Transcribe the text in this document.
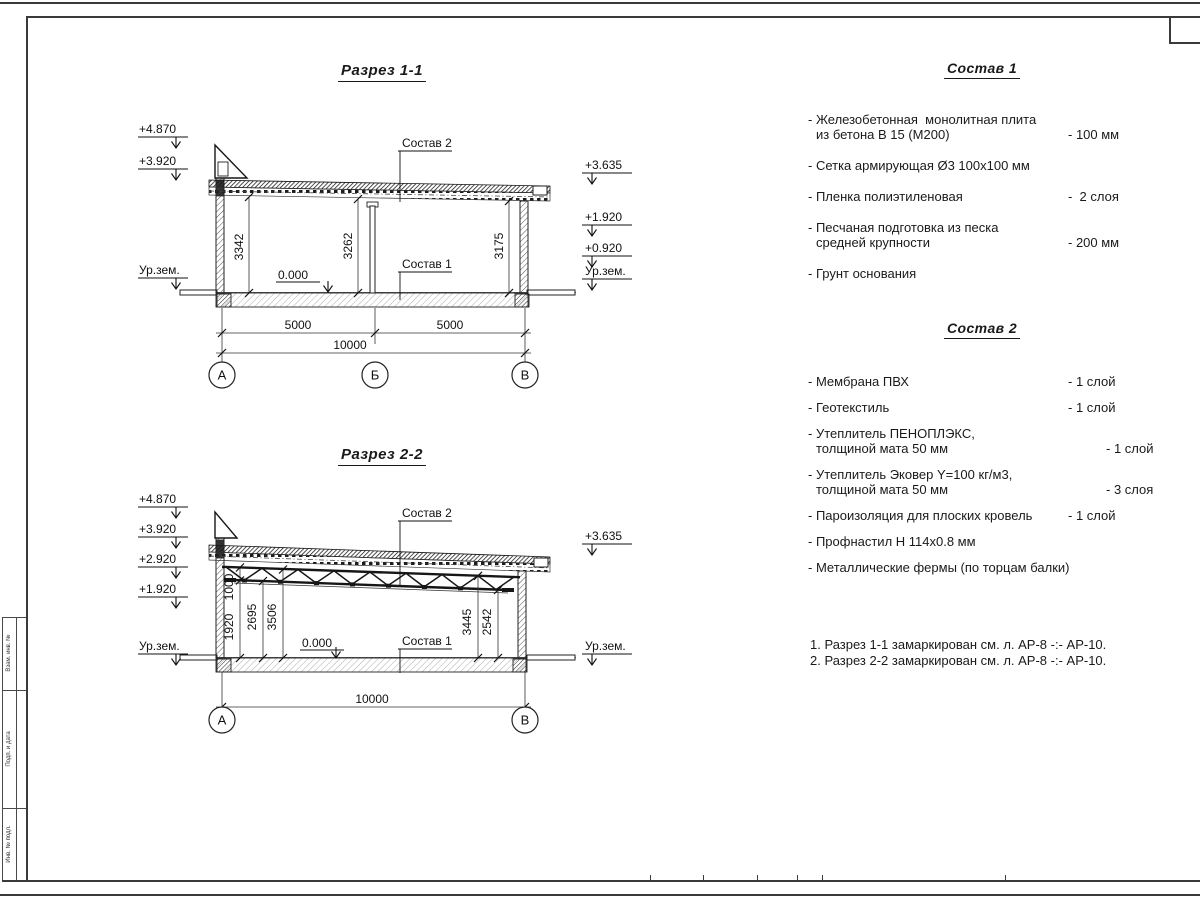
Взам. инв. №
Подп. и дата
Инв. № подл.
Разрез 1-1
+4.870
+3.920
Ур.зем.
+3.635
+1.920
+0.920
Ур.зем.
3342	3262	3175
0.000
Состав 2
Состав 1
5000	5000
10000
А	Б	В
Разрез 2-2
+4.870
+3.920
+2.920
+1.920
Ур.зем.
+3.635
Ур.зем.
1000
1920 2695 3506	3445 2542
0.000
Состав 2
Состав 1
10000
А	В
Состав 1
- Железобетонная  монолитная плита
из бетона В 15 (М200)	- 100 мм
- Сетка армирующая Ø3 100х100 мм
- Пленка полиэтиленовая	-  2 слоя
- Песчаная подготовка из песка
средней крупности	- 200 мм
- Грунт основания
Состав 2
- Мембрана ПВХ	- 1 слой
- Геотекстиль	- 1 слой
- Утеплитель ПЕНОПЛЭКС,
толщиной мата 50 мм	- 1 слой
- Утеплитель Эковер Y=100 кг/м3,
толщиной мата 50 мм	- 3 слоя
- Пароизоляция для плоских кровель	- 1 слой
- Профнастил Н 114х0.8 мм
- Металлические фермы (по торцам балки)
1. Разрез 1-1 замаркирован см. л. АР-8 -:- АР-10.
2. Разрез 2-2 замаркирован см. л. АР-8 -:- АР-10.
